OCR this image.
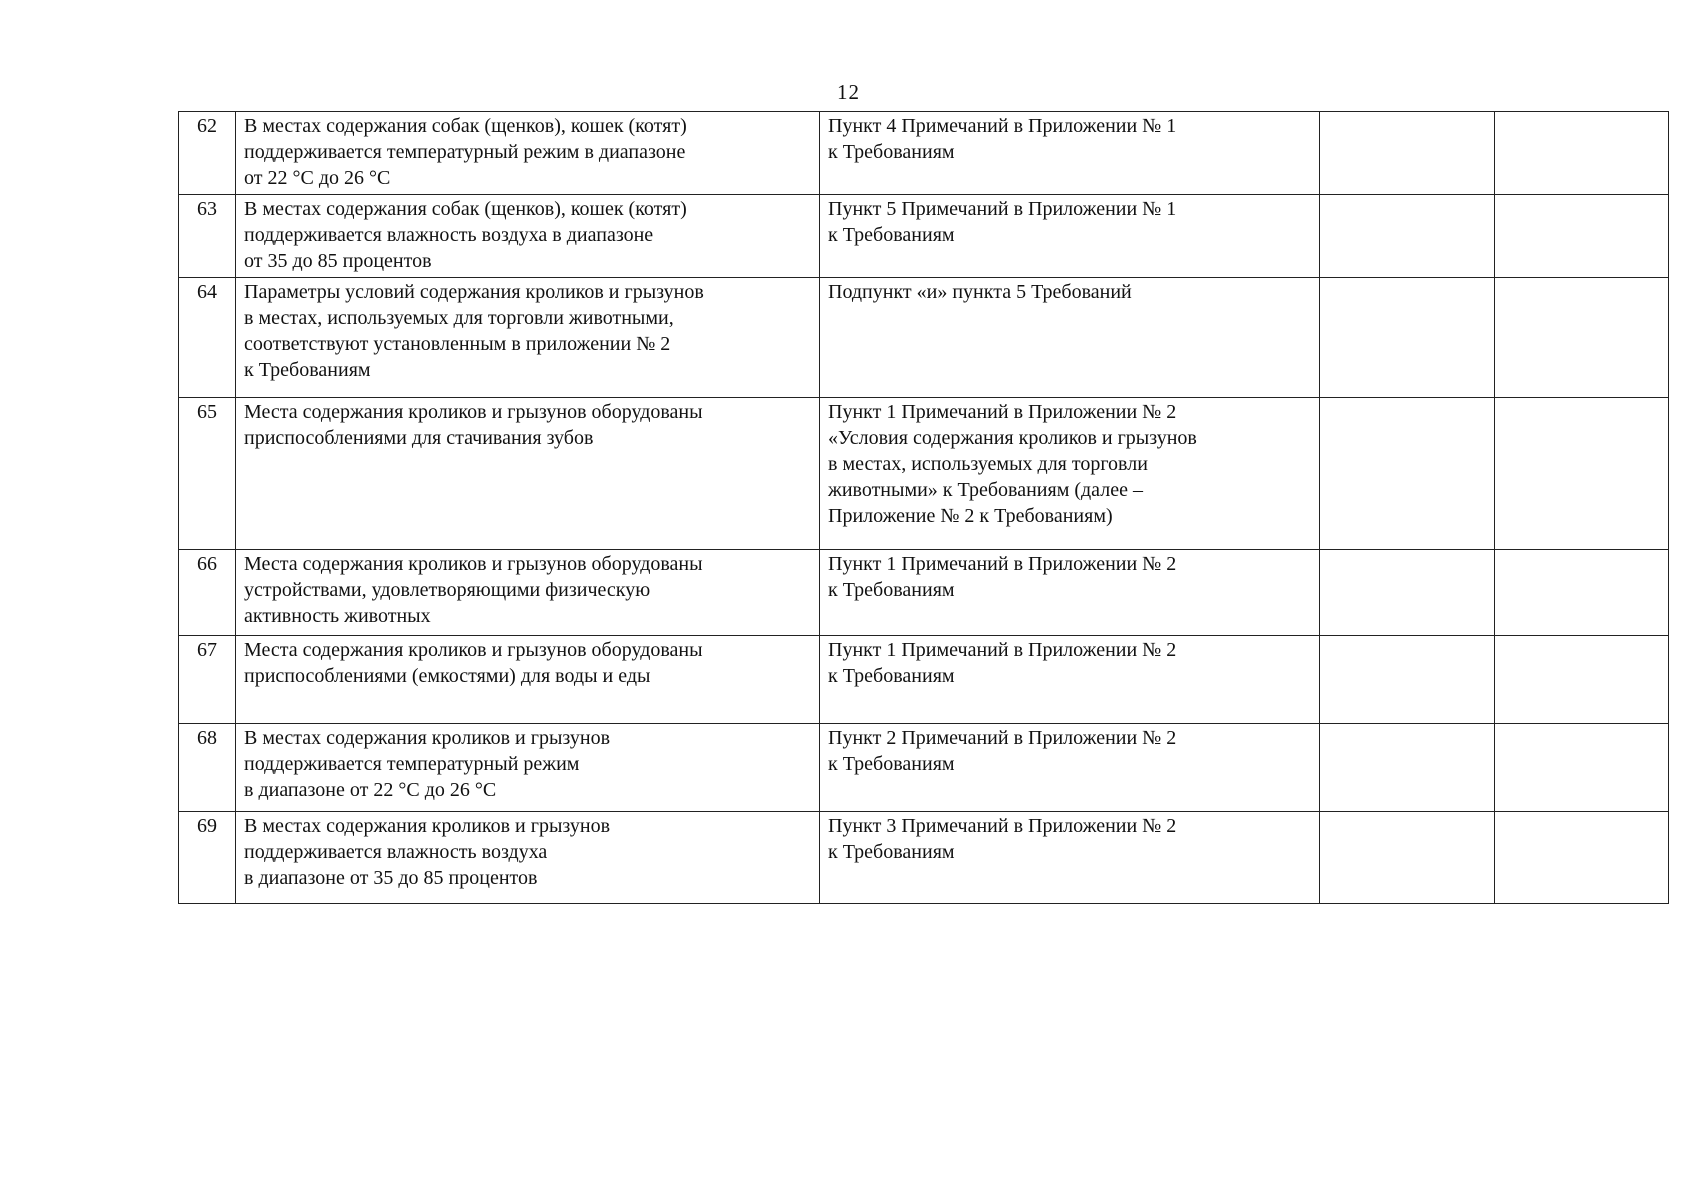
12
62	В местах содержания собак (щенков), кошек (котят)
поддерживается температурный режим в диапазоне
от 22 °С до 26 °С	Пункт 4 Примечаний в Приложении № 1
к Требованиям		

63	В местах содержания собак (щенков), кошек (котят)
поддерживается влажность воздуха в диапазоне
от 35 до 85 процентов	Пункт 5 Примечаний в Приложении № 1
к Требованиям		

64	Параметры условий содержания кроликов и грызунов
в местах, используемых для торговли животными,
соответствуют установленным в приложении № 2
к Требованиям	Подпункт «и» пункта 5 Требований		

65	Места содержания кроликов и грызунов оборудованы
приспособлениями для стачивания зубов	Пункт 1 Примечаний в Приложении № 2
«Условия содержания кроликов и грызунов
в местах, используемых для торговли
животными» к Требованиям (далее –
Приложение № 2 к Требованиям)		

66	Места содержания кроликов и грызунов оборудованы
устройствами, удовлетворяющими физическую
активность животных	Пункт 1 Примечаний в Приложении № 2
к Требованиям		

67	Места содержания кроликов и грызунов оборудованы
приспособлениями (емкостями) для воды и еды	Пункт 1 Примечаний в Приложении № 2
к Требованиям		

68	В местах содержания кроликов и грызунов
поддерживается температурный режим
в диапазоне от 22 °С до 26 °С	Пункт 2 Примечаний в Приложении № 2
к Требованиям		

69	В местах содержания кроликов и грызунов
поддерживается влажность воздуха
в диапазоне от 35 до 85 процентов	Пункт 3 Примечаний в Приложении № 2
к Требованиям		
